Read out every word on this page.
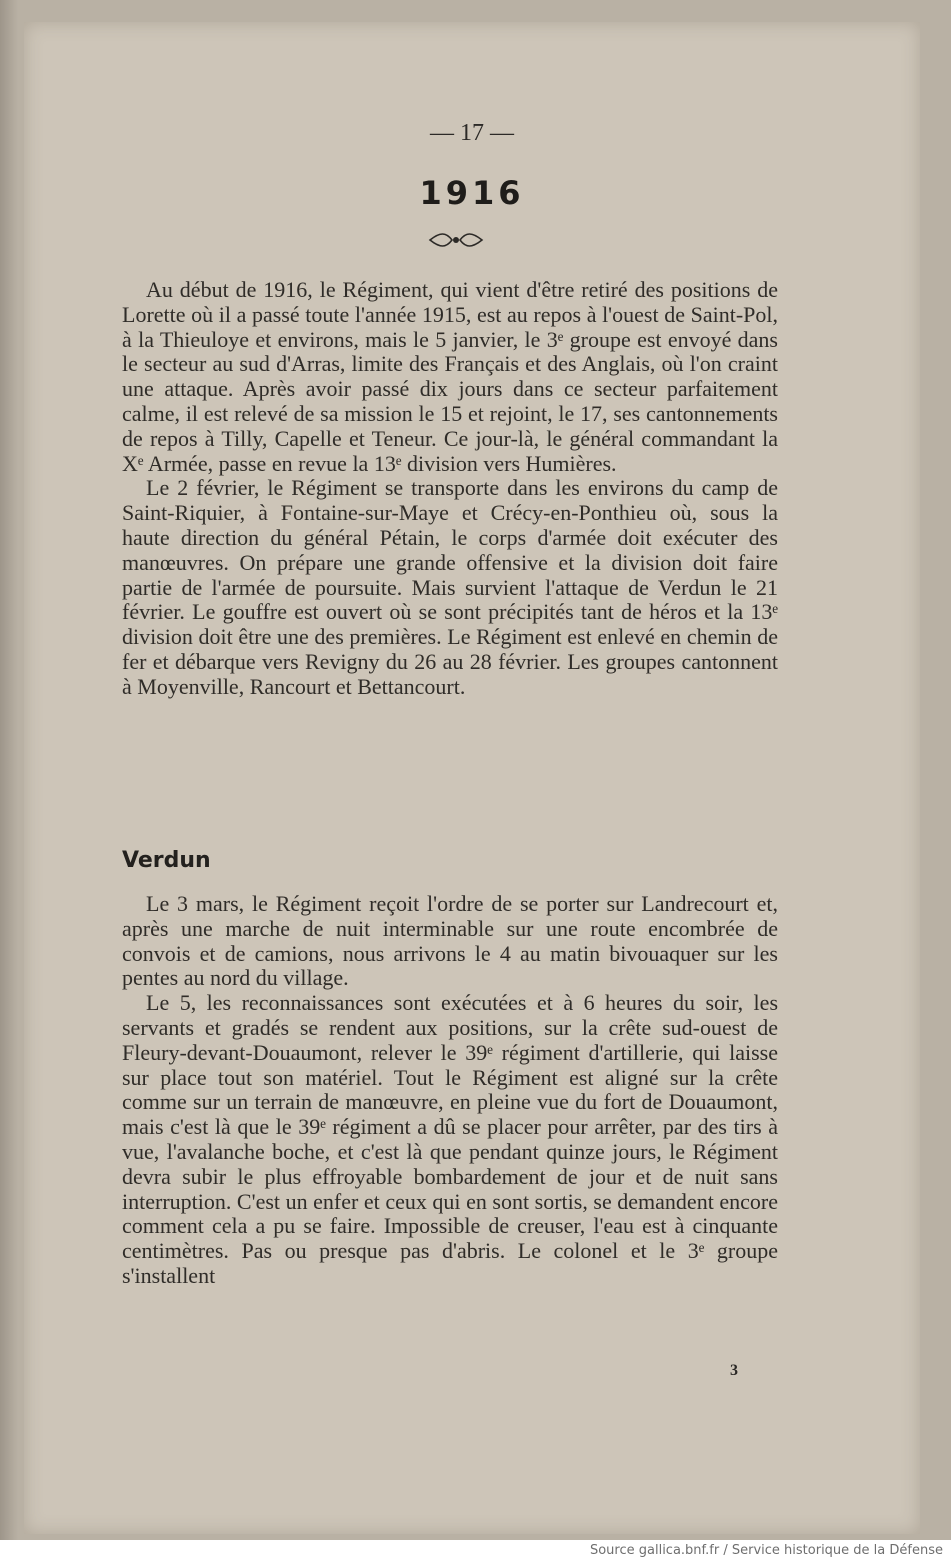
— 17 —
1916

Au début de 1916, le Régiment, qui vient d'être retiré des positions de Lorette où il a passé toute l'année 1915, est au repos à l'ouest de Saint-Pol, à la Thieuloye et environs, mais le 5 janvier, le 3ᵉ groupe est envoyé dans le secteur au sud d'Arras, limite des Français et des Anglais, où l'on craint une attaque. Après avoir passé dix jours dans ce secteur parfaitement calme, il est relevé de sa mission le 15 et rejoint, le 17, ses cantonnements de repos à Tilly, Capelle et Teneur. Ce jour-là, le général commandant la Xᵉ Armée, passe en revue la 13ᵉ division vers Humières.

Le 2 février, le Régiment se transporte dans les environs du camp de Saint-Riquier, à Fontaine-sur-Maye et Crécy-en-Ponthieu où, sous la haute direction du général Pétain, le corps d'armée doit exécuter des manœuvres. On prépare une grande offensive et la division doit faire partie de l'armée de poursuite. Mais survient l'attaque de Verdun le 21 février. Le gouffre est ouvert où se sont précipités tant de héros et la 13ᵉ division doit être une des premières. Le Régiment est enlevé en chemin de fer et débarque vers Revigny du 26 au 28 février. Les groupes cantonnent à Moyenville, Rancourt et Bettancourt.

Verdun

Le 3 mars, le Régiment reçoit l'ordre de se porter sur Landrecourt et, après une marche de nuit interminable sur une route encombrée de convois et de camions, nous arrivons le 4 au matin bivouaquer sur les pentes au nord du village.

Le 5, les reconnaissances sont exécutées et à 6 heures du soir, les servants et gradés se rendent aux positions, sur la crête sud-ouest de Fleury-devant-Douaumont, relever le 39ᵉ régiment d'artillerie, qui laisse sur place tout son matériel. Tout le Régiment est aligné sur la crête comme sur un terrain de manœuvre, en pleine vue du fort de Douaumont, mais c'est là que le 39ᵉ régiment a dû se placer pour arrêter, par des tirs à vue, l'avalanche boche, et c'est là que pendant quinze jours, le Régiment devra subir le plus effroyable bombardement de jour et de nuit sans interruption. C'est un enfer et ceux qui en sont sortis, se demandent encore comment cela a pu se faire. Impossible de creuser, l'eau est à cinquante centimètres. Pas ou presque pas d'abris. Le colonel et le 3ᵉ groupe s'installent

3
Source gallica.bnf.fr / Service historique de la Défense
